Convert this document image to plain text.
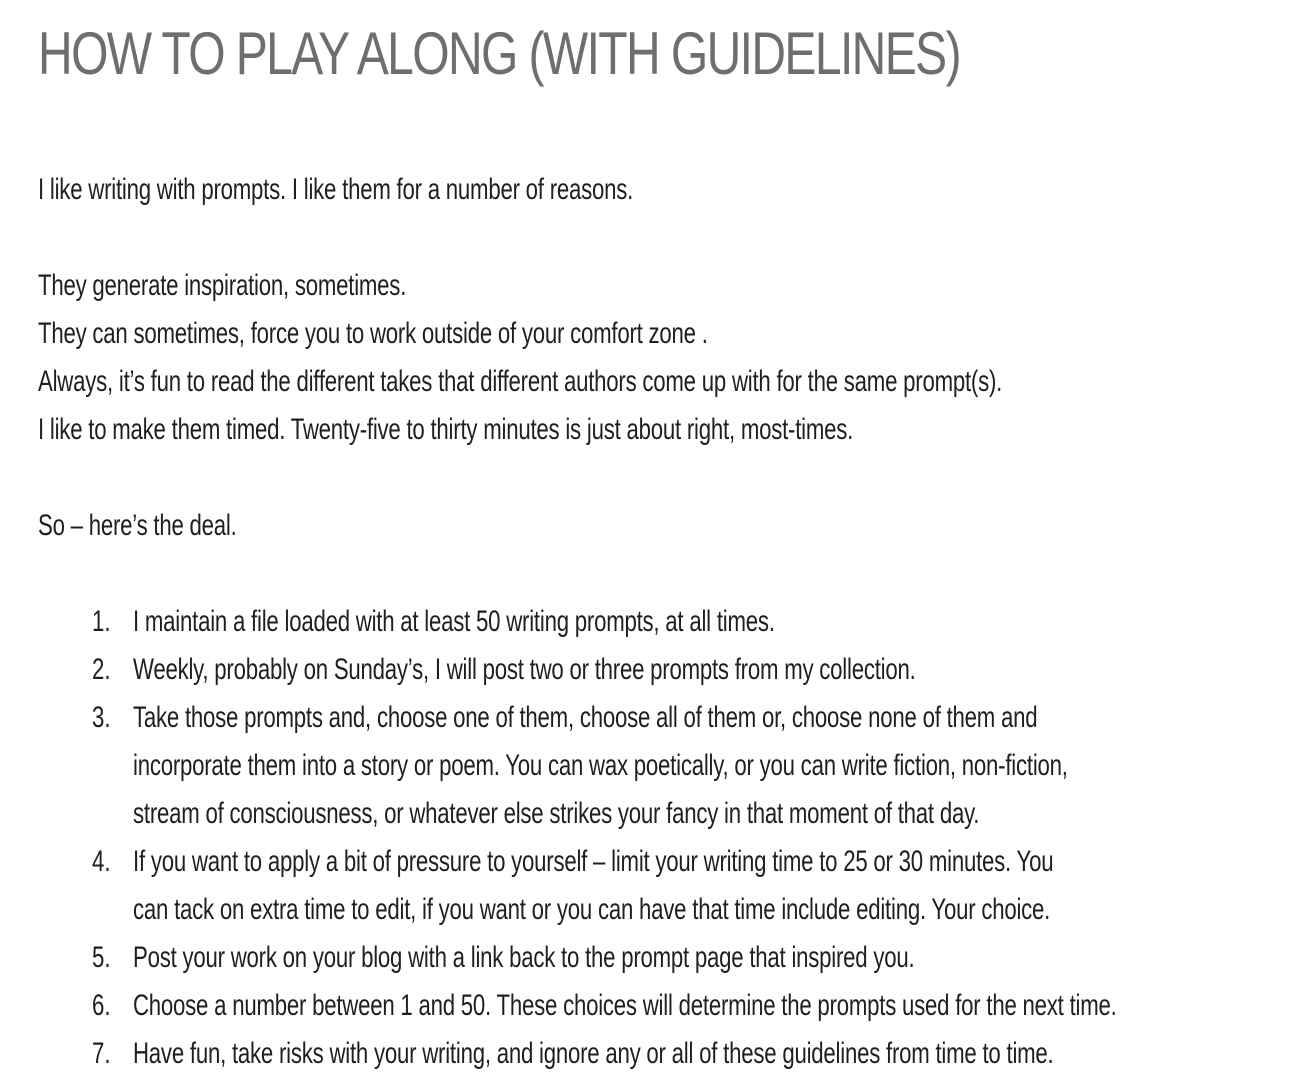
HOW TO PLAY ALONG (WITH GUIDELINES)

I like writing with prompts. I like them for a number of reasons.

They generate inspiration, sometimes.
They can sometimes, force you to work outside of your comfort zone .
Always, it’s fun to read the different takes that different authors come up with for the same prompt(s).
I like to make them timed. Twenty-five to thirty minutes is just about right, most-times.

So – here’s the deal.

1. I maintain a file loaded with at least 50 writing prompts, at all times.
2. Weekly, probably on Sunday’s, I will post two or three prompts from my collection.
3. Take those prompts and, choose one of them, choose all of them or, choose none of them and
incorporate them into a story or poem. You can wax poetically, or you can write fiction, non-fiction,
stream of consciousness, or whatever else strikes your fancy in that moment of that day.
4. If you want to apply a bit of pressure to yourself – limit your writing time to 25 or 30 minutes. You
can tack on extra time to edit, if you want or you can have that time include editing. Your choice.
5. Post your work on your blog with a link back to the prompt page that inspired you.
6. Choose a number between 1 and 50. These choices will determine the prompts used for the next time.
7. Have fun, take risks with your writing, and ignore any or all of these guidelines from time to time.
